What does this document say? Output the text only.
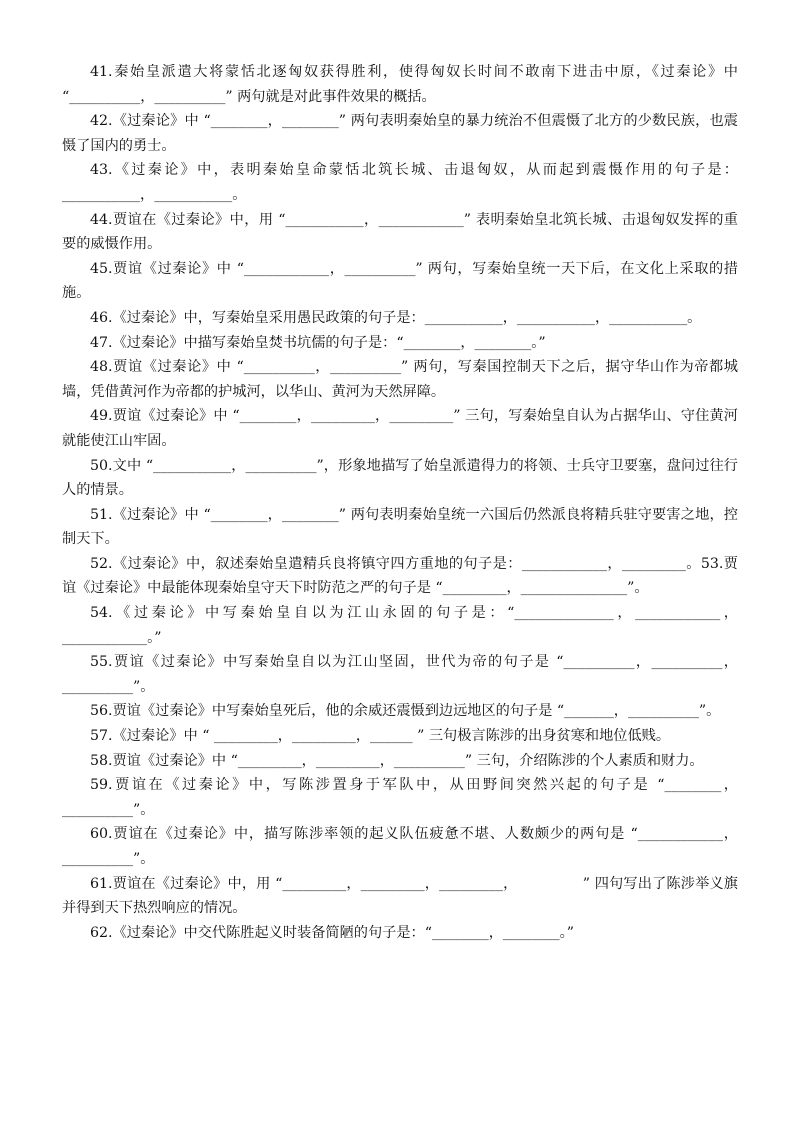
41.秦始皇派遣大将蒙恬北逐匈奴获得胜利，使得匈奴长时间不敢南下进击中原，《过秦论》中 “__________，__________” 两句就是对此事件效果的概括。

42.《过秦论》中 “________，________” 两句表明秦始皇的暴力统治不但震慑了北方的少数民族，也震慑了国内的勇士。

43.《过秦论》中，表明秦始皇命蒙恬北筑长城、击退匈奴，从而起到震慑作用的句子是：___________，___________。

44.贾谊在《过秦论》中，用 “___________，____________” 表明秦始皇北筑长城、击退匈奴发挥的重要的威慑作用。

45.贾谊《过秦论》中 “____________，__________” 两句，写秦始皇统一天下后，在文化上采取的措施。

46.《过秦论》中，写秦始皇采用愚民政策的句子是：___________，___________，___________。

47.《过秦论》中描写秦始皇焚书坑儒的句子是：“________，________。”

48.贾谊《过秦论》中 “__________，__________” 两句，写秦国控制天下之后，据守华山作为帝都城墙，凭借黄河作为帝都的护城河，以华山、黄河为天然屏障。

49.贾谊《过秦论》中 “________，_________，_________” 三句，写秦始皇自认为占据华山、守住黄河就能使江山牢固。

50.文中 “___________，__________”，形象地描写了始皇派遣得力的将领、士兵守卫要塞，盘问过往行人的情景。

51.《过秦论》中 “________，________” 两句表明秦始皇统一六国后仍然派良将精兵驻守要害之地，控制天下。

52.《过秦论》中，叙述秦始皇遣精兵良将镇守四方重地的句子是：____________，_________。53.贾谊《过秦论》中最能体现秦始皇守天下时防范之严的句子是 “_________，_______________”。

54.《过秦论》中写秦始皇自以为江山永固的句子是：“______________，____________，____________。”

55.贾谊《过秦论》中写秦始皇自以为江山坚固，世代为帝的句子是 “__________，__________，__________”。

56.贾谊《过秦论》中写秦始皇死后，他的余威还震慑到边远地区的句子是 “_______，__________”。

57.《过秦论》中 “ _________，_________，______ ” 三句极言陈涉的出身贫寒和地位低贱。

58.贾谊《过秦论》中 “_________，_________，__________” 三句，介绍陈涉的个人素质和财力。

59.贾谊在《过秦论》中，写陈涉置身于军队中，从田野间突然兴起的句子是 “________，__________”。

60.贾谊在《过秦论》中，描写陈涉率领的起义队伍疲惫不堪、人数颇少的两句是 “____________，__________”。

61.贾谊在《过秦论》中，用 “_________，_________，_________，              ” 四句写出了陈涉举义旗并得到天下热烈响应的情况。

62.《过秦论》中交代陈胜起义时装备简陋的句子是：“________，________。”
